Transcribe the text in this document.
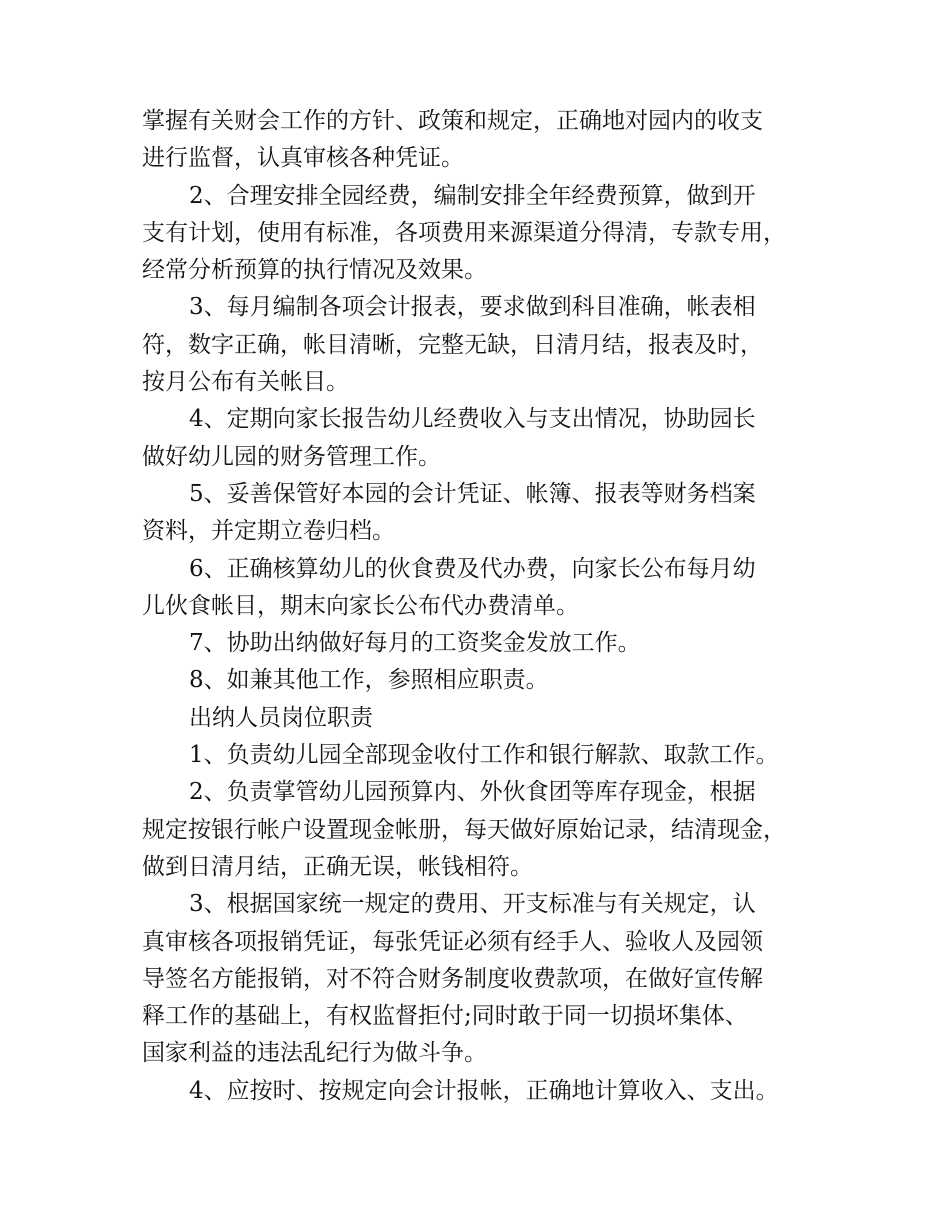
掌握有关财会工作的方针、政策和规定，正确地对园内的收支
进行监督，认真审核各种凭证。
2、合理安排全园经费，编制安排全年经费预算，做到开
支有计划，使用有标准，各项费用来源渠道分得清，专款专用，
经常分析预算的执行情况及效果。
3、每月编制各项会计报表，要求做到科目准确，帐表相
符，数字正确，帐目清晰，完整无缺，日清月结，报表及时，
按月公布有关帐目。
4、定期向家长报告幼儿经费收入与支出情况，协助园长
做好幼儿园的财务管理工作。
5、妥善保管好本园的会计凭证、帐簿、报表等财务档案
资料，并定期立卷归档。
6、正确核算幼儿的伙食费及代办费，向家长公布每月幼
儿伙食帐目，期末向家长公布代办费清单。
7、协助出纳做好每月的工资奖金发放工作。
8、如兼其他工作，参照相应职责。
出纳人员岗位职责
1、负责幼儿园全部现金收付工作和银行解款、取款工作。
2、负责掌管幼儿园预算内、外伙食团等库存现金，根据
规定按银行帐户设置现金帐册，每天做好原始记录，结清现金，
做到日清月结，正确无误，帐钱相符。
3、根据国家统一规定的费用、开支标准与有关规定，认
真审核各项报销凭证，每张凭证必须有经手人、验收人及园领
导签名方能报销，对不符合财务制度收费款项，在做好宣传解
释工作的基础上，有权监督拒付;同时敢于同一切损坏集体、
国家利益的违法乱纪行为做斗争。
4、应按时、按规定向会计报帐，正确地计算收入、支出。
